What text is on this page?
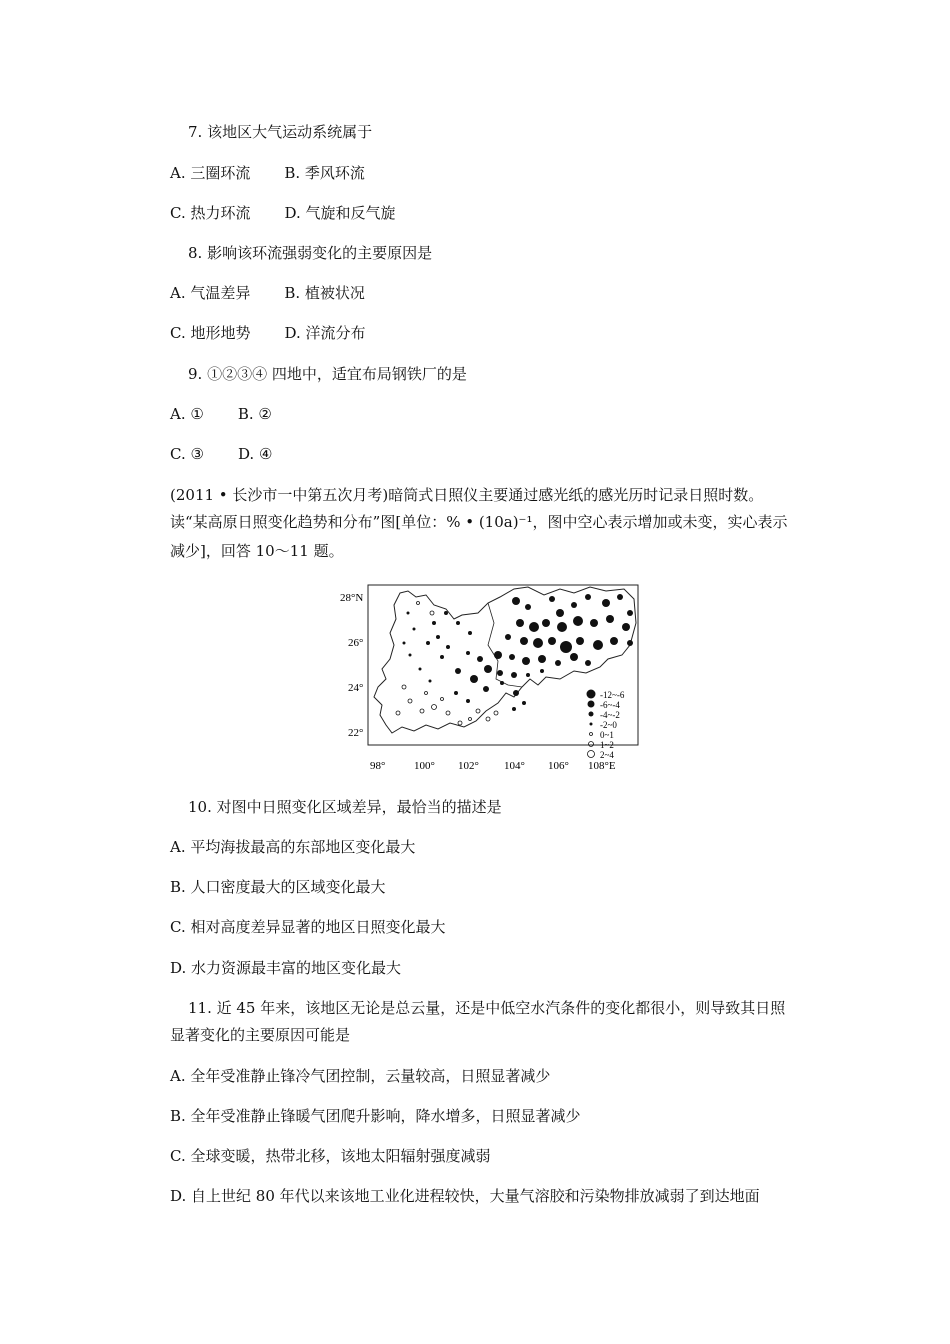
7. 该地区大气运动系统属于
A. 三圈环流 B. 季风环流
C. 热力环流 D. 气旋和反气旋
8. 影响该环流强弱变化的主要原因是
A. 气温差异 B. 植被状况
C. 地形地势 D. 洋流分布
9. ①②③④ 四地中，适宜布局钢铁厂的是
A. ① B. ②
C. ③ D. ④
(2011 • 长沙市一中第五次月考)暗筒式日照仪主要通过感光纸的感光历时记录日照时数。
读“某高原日照变化趋势和分布”图[单位：% • (10a)⁻¹，图中空心表示增加或未变，实心表示
减少]，回答 10～11 题。
28°N
26°
24°
22°
98°	100° 102° 104° 106° 108°E
-12~-6
-6~-4
-4~-2
-2~0
0~1
1~2
2~4
10. 对图中日照变化区域差异，最恰当的描述是
A. 平均海拔最高的东部地区变化最大
B. 人口密度最大的区域变化最大
C. 相对高度差异显著的地区日照变化最大
D. 水力资源最丰富的地区变化最大
11. 近 45 年来，该地区无论是总云量，还是中低空水汽条件的变化都很小，则导致其日照
显著变化的主要原因可能是
A. 全年受准静止锋冷气团控制，云量较高，日照显著减少
B. 全年受准静止锋暖气团爬升影响，降水增多，日照显著减少
C. 全球变暖，热带北移，该地太阳辐射强度减弱
D. 自上世纪 80 年代以来该地工业化进程较快，大量气溶胶和污染物排放减弱了到达地面
